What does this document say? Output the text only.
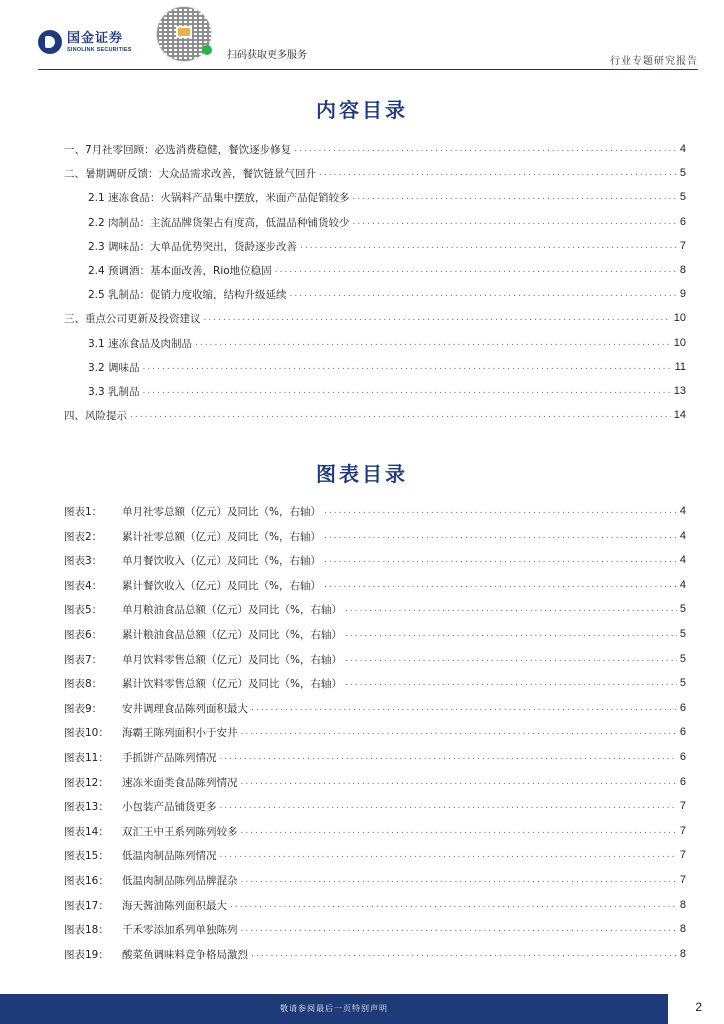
国金证券
SINOLINK SECURITIES
扫码获取更多服务
行业专题研究报告
内容目录
一、7月社零回顾：必选消费稳健，餐饮逐步修复 .....	4
二、暑期调研反馈：大众品需求改善，餐饮链景气回升 .....	5
2.1 速冻食品：火锅料产品集中摆放，米面产品促销较多 .....	5
2.2 肉制品：主流品牌货架占有度高，低温品种铺货较少 .....	6
2.3 调味品：大单品优势突出，货龄逐步改善 .....	7
2.4 预调酒：基本面改善，Rio地位稳固 .....	8
2.5 乳制品：促销力度收缩，结构升级延续 .....	9
三、重点公司更新及投资建议 .....	10
3.1 速冻食品及肉制品 .....	10
3.2 调味品 .....	11
3.3 乳制品 .....	13
四、风险提示 .....	14
图表目录
图表1：	单月社零总额（亿元）及同比（%，右轴） .....	4
图表2：	累计社零总额（亿元）及同比（%，右轴） .....	4
图表3：	单月餐饮收入（亿元）及同比（%，右轴） .....	4
图表4：	累计餐饮收入（亿元）及同比（%，右轴） .....	4
图表5：	单月粮油食品总额（亿元）及同比（%，右轴） .....	5
图表6：	累计粮油食品总额（亿元）及同比（%，右轴） .....	5
图表7：	单月饮料零售总额（亿元）及同比（%，右轴） .....	5
图表8：	累计饮料零售总额（亿元）及同比（%，右轴） .....	5
图表9：	安井调理食品陈列面积最大 .....	6
图表10：	海霸王陈列面积小于安井 .....	6
图表11：	手抓饼产品陈列情况 .....	6
图表12：	速冻米面类食品陈列情况 .....	6
图表13：	小包装产品铺货更多 .....	7
图表14：	双汇王中王系列陈列较多 .....	7
图表15：	低温肉制品陈列情况 .....	7
图表16：	低温肉制品陈列品牌混杂 .....	7
图表17：	海天酱油陈列面积最大 .....	8
图表18：	千禾零添加系列单独陈列 .....	8
图表19：	酸菜鱼调味料竞争格局激烈 .....	8
敬请参阅最后一页特别声明	2
